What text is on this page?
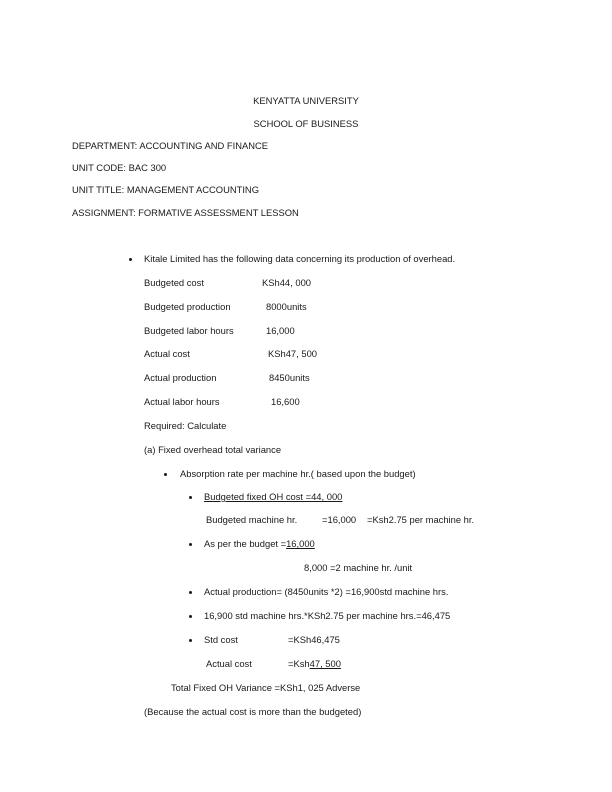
KENYATTA UNIVERSITY
SCHOOL OF BUSINESS
DEPARTMENT: ACCOUNTING AND FINANCE
UNIT CODE: BAC 300
UNIT TITLE: MANAGEMENT ACCOUNTING
ASSIGNMENT: FORMATIVE ASSESSMENT LESSON
Kitale Limited has the following data concerning its production of overhead.
Budgeted cost	KSh44, 000
Budgeted production	8000units
Budgeted labor hours	16,000
Actual cost	KSh47, 500
Actual production	8450units
Actual labor hours	16,600
Required: Calculate
(a) Fixed overhead total variance
Absorption rate per machine hr.( based upon the budget)
Budgeted fixed OH cost =44, 000
Budgeted machine hr.	=16,000 =Ksh2.75 per machine hr.
As per the budget =16,000
8,000 =2 machine hr. /unit
Actual production= (8450units *2) =16,900std machine hrs.
16,900 std machine hrs.*KSh2.75 per machine hrs.=46,475
Std cost	=KSh46,475
Actual cost	=Ksh47, 500
Total Fixed OH Variance =KSh1, 025 Adverse
(Because the actual cost is more than the budgeted)
